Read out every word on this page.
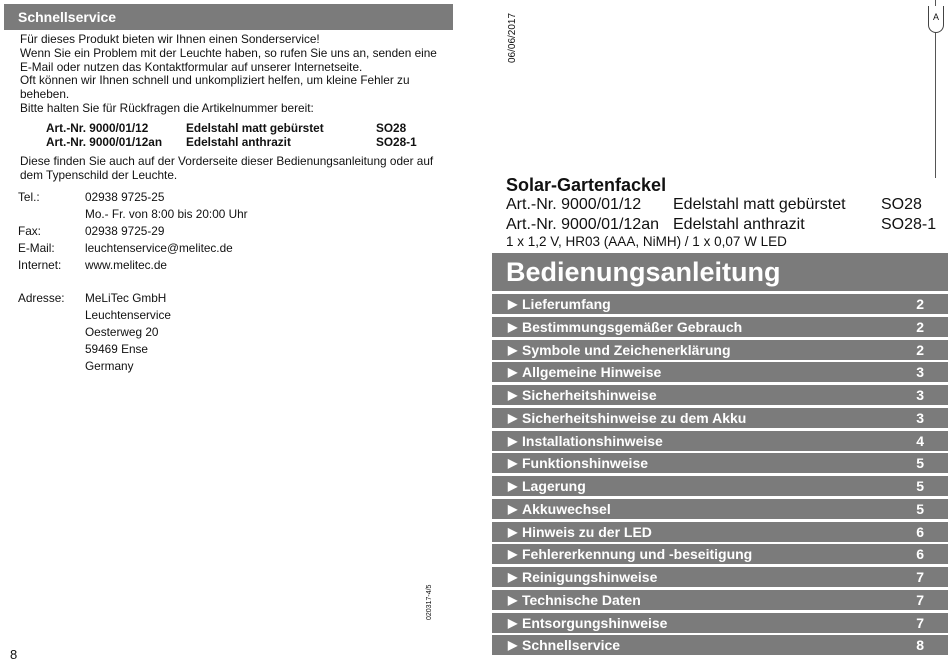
Schnellservice

Für dieses Produkt bieten wir Ihnen einen Sonderservice!

Wenn Sie ein Problem mit der Leuchte haben, so rufen Sie uns an, senden eine E-Mail oder nutzen das Kontaktformular auf unserer Internetseite.

Oft können wir Ihnen schnell und unkompliziert helfen, um kleine Fehler zu beheben.

Bitte halten Sie für Rückfragen die Artikelnummer bereit:

Art.-Nr. 9000/01/12	Edelstahl matt gebürstet	SO28
Art.-Nr. 9000/01/12an Edelstahl anthrazit	SO28-1

Diese finden Sie auch auf der Vorderseite dieser Bedienungsanleitung oder auf dem Typenschild der Leuchte.

Tel.:	02938 9725-25
Mo.- Fr. von 8:00 bis 20:00 Uhr
Fax:	02938 9725-29
E-Mail:	leuchtenservice@melitec.de
Internet: www.melitec.de
Adresse: MeLiTec GmbH
Leuchtenservice
Oesterweg 20
59469 Ense
Germany
8
020317-4/5
06/06/2017	A
Solar-Gartenfackel
Art.-Nr. 9000/01/12 Edelstahl matt gebürstet SO28
Art.-Nr. 9000/01/12an Edelstahl anthrazit	SO28-1
1 x 1,2 V, HR03 (AAA, NiMH) / 1 x 0,07 W LED
Bedienungsanleitung
▶ Lieferumfang	2
▶ Bestimmungsgemäßer Gebrauch	2
▶ Symbole und Zeichenerklärung	2
▶ Allgemeine Hinweise	3
▶ Sicherheitshinweise	3
▶ Sicherheitshinweise zu dem Akku	3
▶ Installationshinweise	4
▶ Funktionshinweise	5
▶ Lagerung	5
▶ Akkuwechsel	5
▶ Hinweis zu der LED	6
▶ Fehlererkennung und -beseitigung	6
▶ Reinigungshinweise	7
▶ Technische Daten	7
▶ Entsorgungshinweise	7
▶ Schnellservice	8
